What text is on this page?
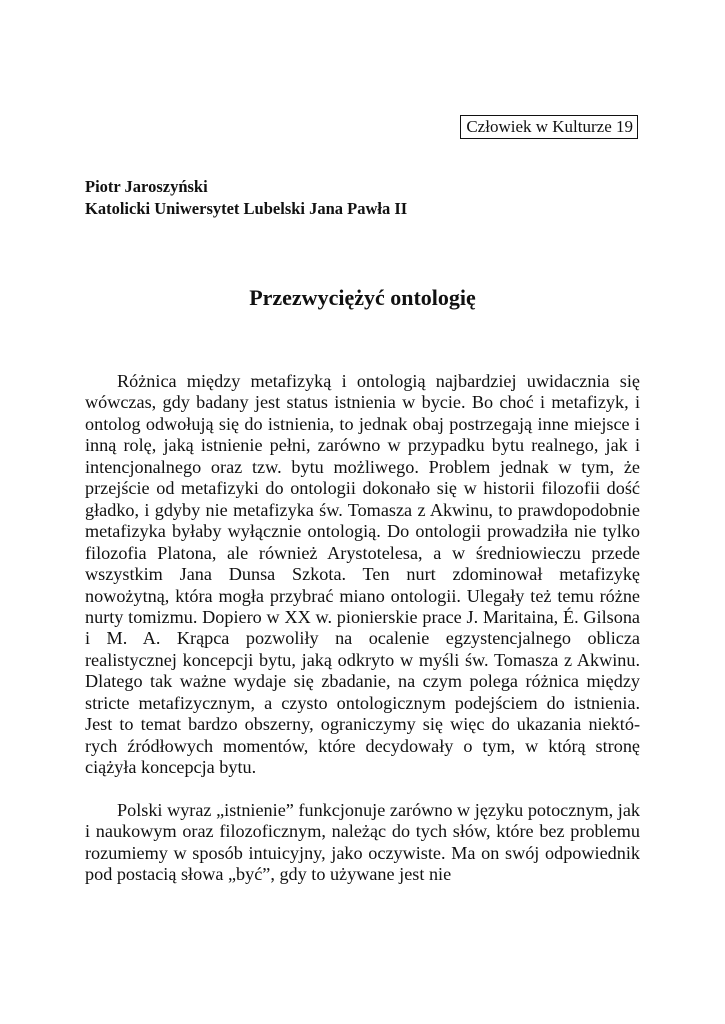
Człowiek w Kulturze 19
Piotr Jaroszyński
Katolicki Uniwersytet Lubelski Jana Pawła II
Przezwyciężyć ontologię

Różnica między metafizyką i ontologią najbardziej uwidacznia się wówczas, gdy badany jest status istnienia w bycie. Bo choć i metafizyk, i ontolog odwołują się do istnienia, to jednak obaj postrzegają inne miejsce i inną rolę, jaką istnienie pełni, zarówno w przypadku bytu realnego, jak i intencjonalnego oraz tzw. bytu możliwego. Problem jednak w tym, że przejście od metafizyki do ontologii dokonało się w historii filozofii dość gładko, i gdyby nie metafizyka św. Tomasza z Akwinu, to prawdopodobnie metafizyka byłaby wyłącznie ontologią. Do ontologii prowadziła nie tylko filozofia Platona, ale również Arystotelesa, a w średniowieczu przede wszystkim Jana Dunsa Szkota. Ten nurt zdominował metafizykę nowożytną, która mogła przybrać miano ontologii. Ulegały też temu różne nurty tomizmu. Dopiero w XX w. pionierskie prace J. Maritaina, É. Gilsona i M. A. Krąpca pozwoliły na ocalenie egzystencjalnego oblicza realistycznej koncepcji bytu, jaką odkryto w myśli św. Tomasza z Akwinu. Dlatego tak ważne wydaje się zbadanie, na czym polega różnica między stricte metafizycznym, a czysto ontologicznym podejściem do istnienia. Jest to temat bardzo obszerny, ograniczymy się więc do ukazania niektórych źródłowych momentów, które decydowały o tym, w którą stronę ciążyła koncepcja bytu.

Polski wyraz „istnienie” funkcjonuje zarówno w języku potocznym, jak i naukowym oraz filozoficznym, należąc do tych słów, które bez problemu rozumiemy w sposób intuicyjny, jako oczywiste. Ma on swój odpowiednik pod postacią słowa „być”, gdy to używane jest nie
